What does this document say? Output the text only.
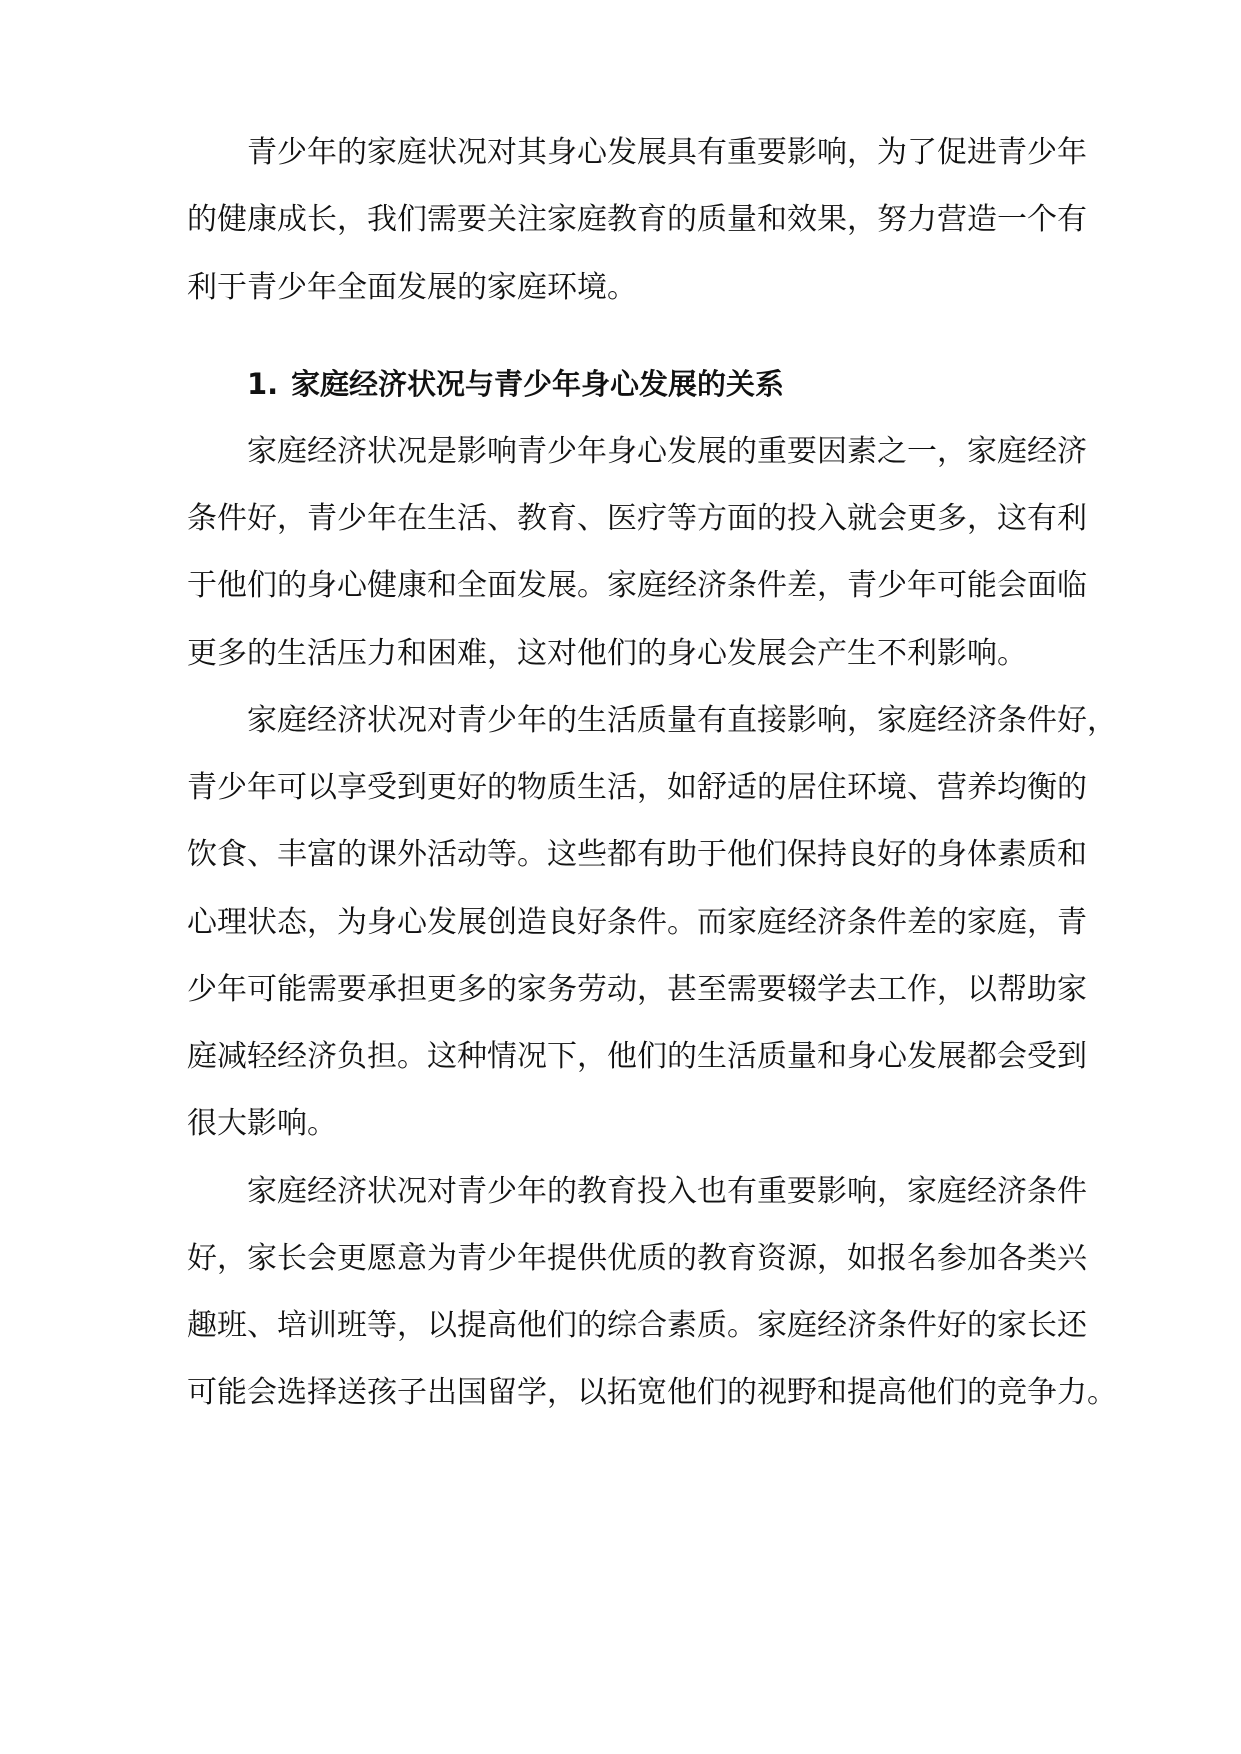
青少年的家庭状况对其身心发展具有重要影响，为了促进青少年
的健康成长，我们需要关注家庭教育的质量和效果，努力营造一个有
利于青少年全面发展的家庭环境。
1. 家庭经济状况与青少年身心发展的关系
家庭经济状况是影响青少年身心发展的重要因素之一，家庭经济
条件好，青少年在生活、教育、医疗等方面的投入就会更多，这有利
于他们的身心健康和全面发展。家庭经济条件差，青少年可能会面临
更多的生活压力和困难，这对他们的身心发展会产生不利影响。
家庭经济状况对青少年的生活质量有直接影响，家庭经济条件好，
青少年可以享受到更好的物质生活，如舒适的居住环境、营养均衡的
饮食、丰富的课外活动等。这些都有助于他们保持良好的身体素质和
心理状态，为身心发展创造良好条件。而家庭经济条件差的家庭，青
少年可能需要承担更多的家务劳动，甚至需要辍学去工作，以帮助家
庭减轻经济负担。这种情况下，他们的生活质量和身心发展都会受到
很大影响。
家庭经济状况对青少年的教育投入也有重要影响，家庭经济条件
好，家长会更愿意为青少年提供优质的教育资源，如报名参加各类兴
趣班、培训班等，以提高他们的综合素质。家庭经济条件好的家长还
可能会选择送孩子出国留学，以拓宽他们的视野和提高他们的竞争力。
